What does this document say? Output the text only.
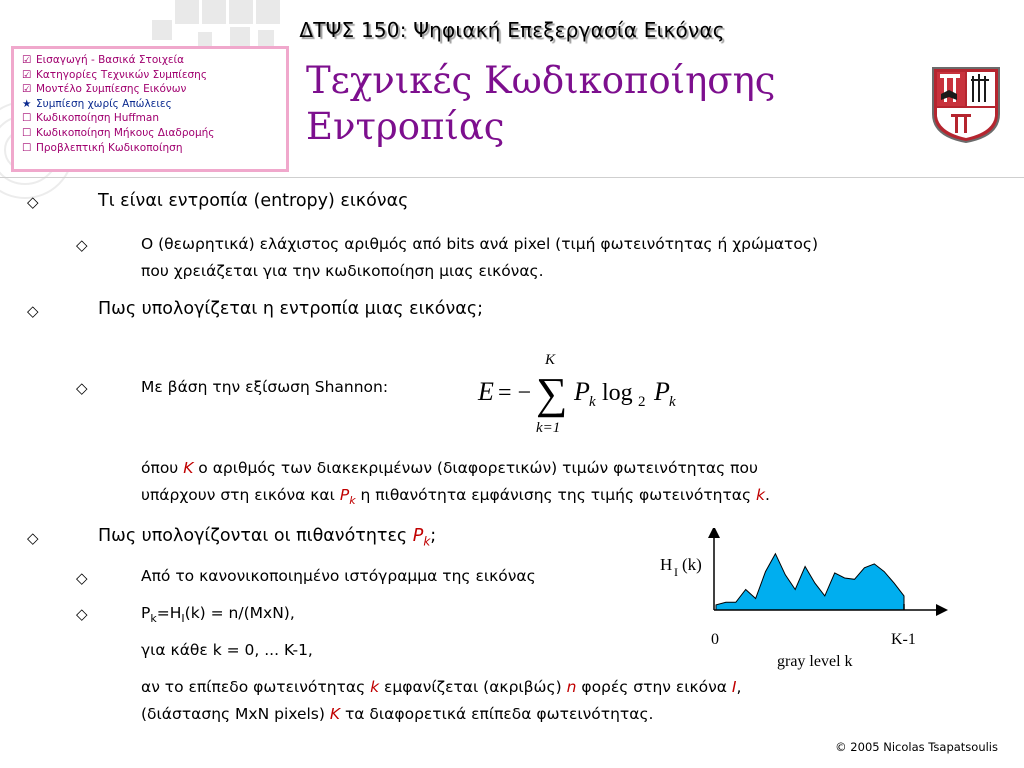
ΔΤΨΣ 150: Ψηφιακή Επεξεργασία Εικόνας
☑ Εισαγωγή - Βασικά Στοιχεία
☑ Κατηγορίες Τεχνικών Συμπίεσης
☑ Μοντέλο Συμπίεσης Εικόνων
★ Συμπίεση χωρίς Απώλειες
☐ Κωδικοποίηση Huffman
☐ Κωδικοποίηση Μήκους Διαδρομής
☐ Προβλεπτική Κωδικοποίηση
Τεχνικές Κωδικοποίησης
Εντροπίας
◇	Τι είναι εντροπία (entropy) εικόνας
◇	Ο (θεωρητικά) ελάχιστος αριθμός από bits ανά pixel (τιμή φωτεινότητας ή χρώματος)
που χρειάζεται για την κωδικοποίηση μιας εικόνας.
◇	Πως υπολογίζεται η εντροπία μιας εικόνας;
◇	Με βάση την εξίσωση Shannon:	E = − ∑
K
k=1
P k log 2 P k
όπου K ο αριθμός των διακεκριμένων (διαφορετικών) τιμών φωτεινότητας που
υπάρχουν στη εικόνα και $P_k$ η πιθανότητα εμφάνισης της τιμής φωτεινότητας k.
◇	Πως υπολογίζονται οι πιθανότητες $P_k$;
◇	Από το κανονικοποιημένο ιστόγραμμα της εικόνας
◇	$P_k=H_I(k) = n/(MxN)$,
για κάθε k = 0, ... K-1,
αν το επίπεδο φωτεινότητας k εμφανίζεται (ακριβώς) n φορές στην εικόνα I,
(διάστασης MxN pixels) K τα διαφορετικά επίπεδα φωτεινότητας.
H I (k)
0	K-1
gray level k
© 2005 Nicolas Tsapatsoulis
